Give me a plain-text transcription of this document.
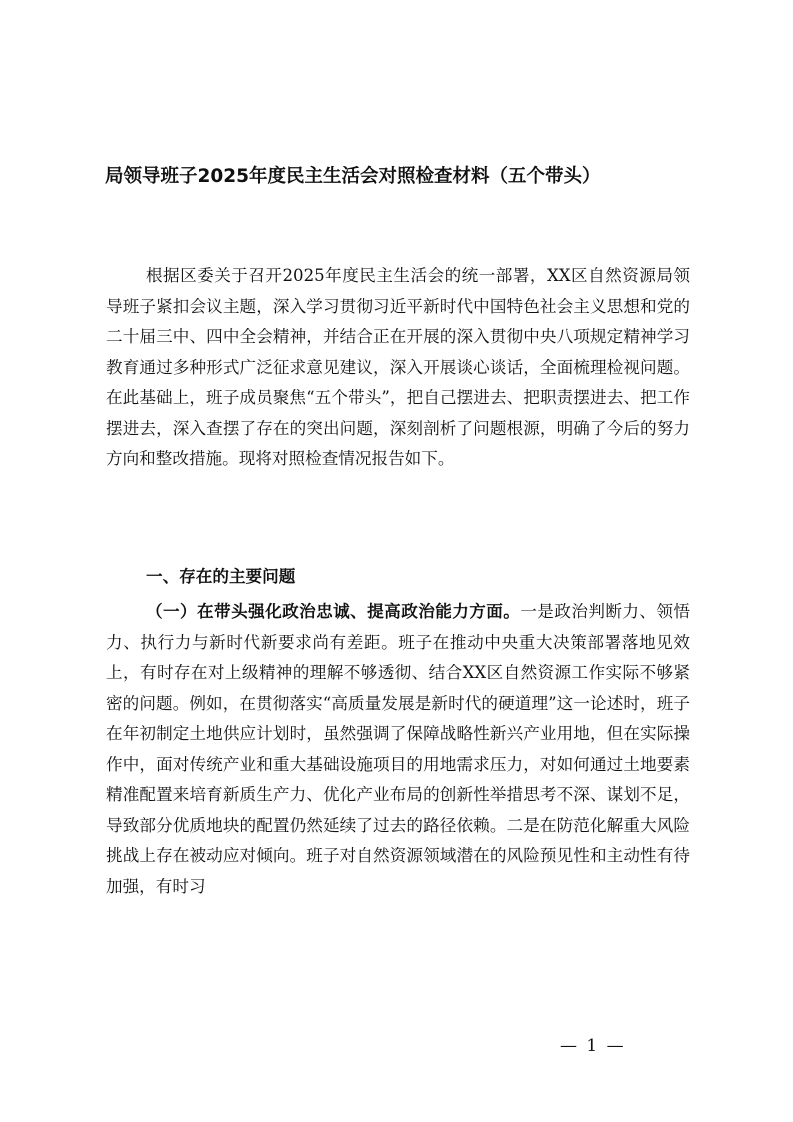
局领导班子2025年度民主生活会对照检查材料（五个带头）
根据区委关于召开2025年度民主生活会的统一部署，XX区自然资源局领导班子紧扣会议主题，深入学习贯彻习近平新时代中国特色社会主义思想和党的二十届三中、四中全会精神，并结合正在开展的深入贯彻中央八项规定精神学习教育通过多种形式广泛征求意见建议，深入开展谈心谈话，全面梳理检视问题。在此基础上，班子成员聚焦“五个带头”，把自己摆进去、把职责摆进去、把工作摆进去，深入查摆了存在的突出问题，深刻剖析了问题根源，明确了今后的努力方向和整改措施。现将对照检查情况报告如下。
一、存在的主要问题
（一）在带头强化政治忠诚、提高政治能力方面。一是政治判断力、领悟力、执行力与新时代新要求尚有差距。班子在推动中央重大决策部署落地见效上，有时存在对上级精神的理解不够透彻、结合XX区自然资源工作实际不够紧密的问题。例如，在贯彻落实“高质量发展是新时代的硬道理”这一论述时，班子在年初制定土地供应计划时，虽然强调了保障战略性新兴产业用地，但在实际操作中，面对传统产业和重大基础设施项目的用地需求压力，对如何通过土地要素精准配置来培育新质生产力、优化产业布局的创新性举措思考不深、谋划不足，导致部分优质地块的配置仍然延续了过去的路径依赖。二是在防范化解重大风险挑战上存在被动应对倾向。班子对自然资源领域潜在的风险预见性和主动性有待加强，有时习
— 1 —
